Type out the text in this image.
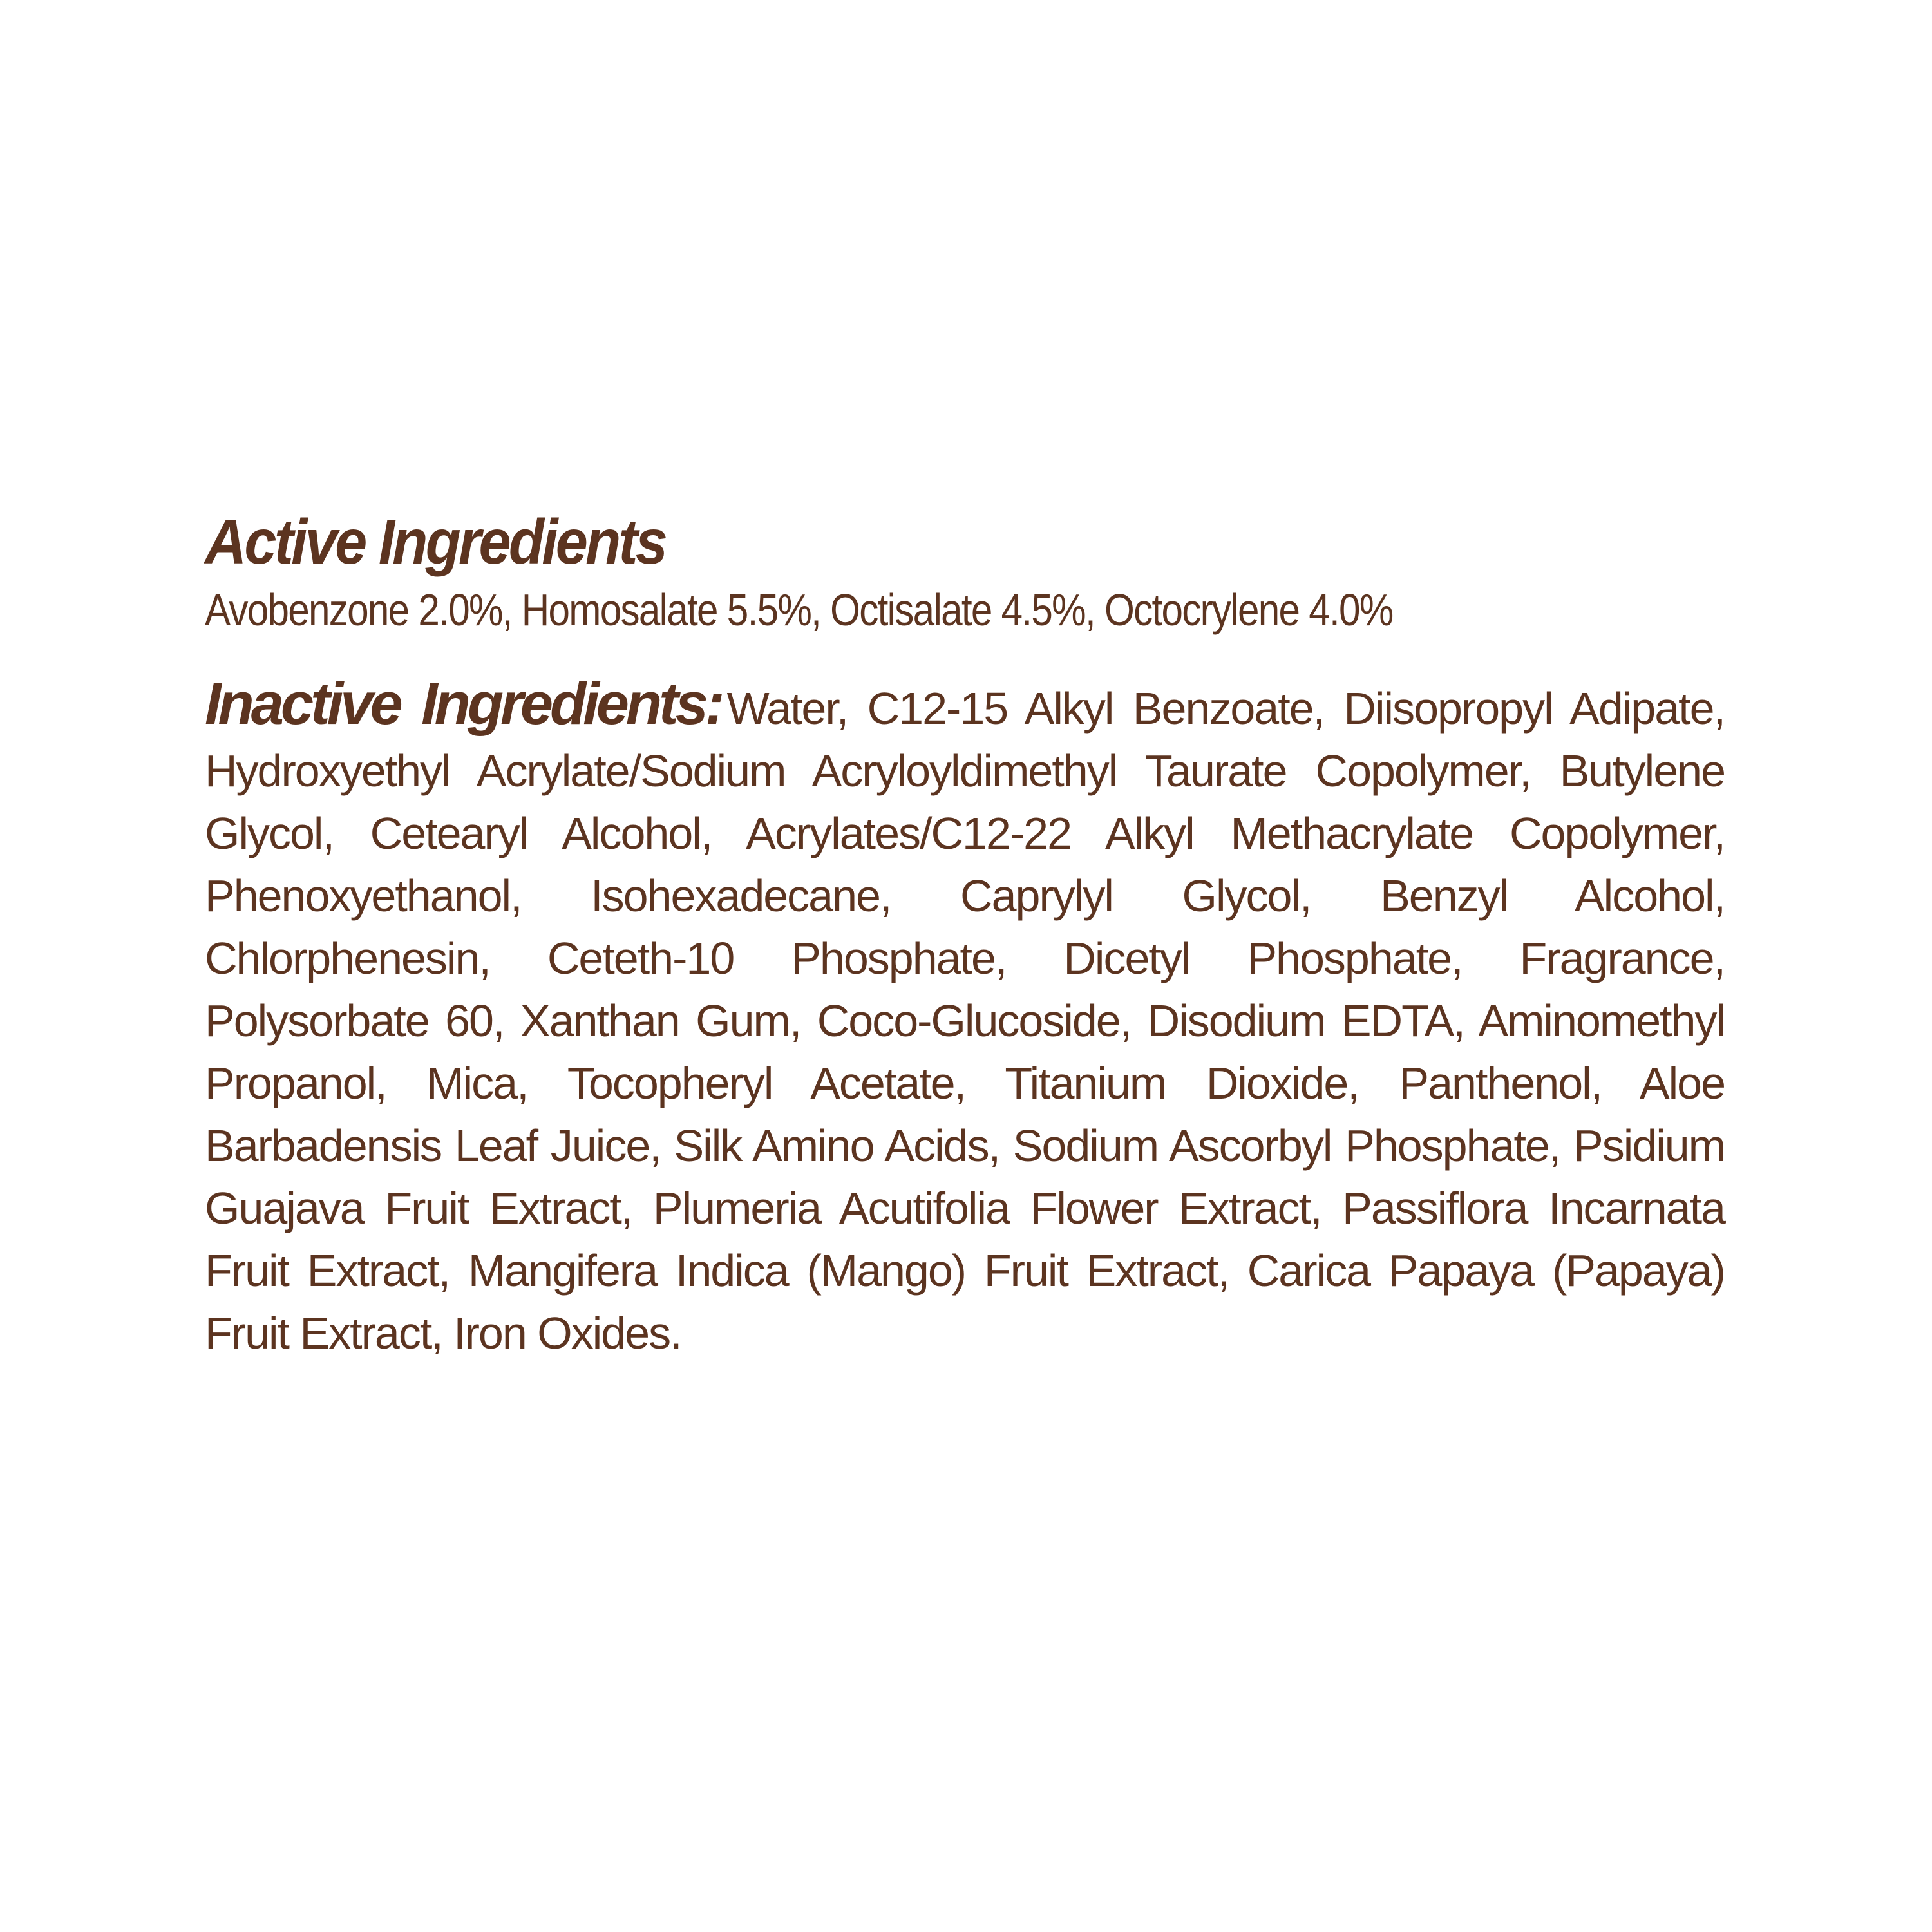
Active Ingredients
Avobenzone 2.0%, Homosalate 5.5%, Octisalate 4.5%, Octocrylene 4.0%

Inactive Ingredients: Water, C12-15 Alkyl Benzoate, Diisopropyl Adipate, Hydroxyethyl Acrylate/Sodium Acryloyldimethyl Taurate Copolymer, Butylene Glycol, Cetearyl Alcohol, Acrylates/C12-22 Alkyl Methacrylate Copolymer, Phenoxyethanol, Isohexadecane, Caprylyl Glycol, Benzyl Alcohol, Chlorphenesin, Ceteth-10 Phosphate, Dicetyl Phosphate, Fragrance, Polysorbate 60, Xanthan Gum, Coco-Glucoside, Disodium EDTA, Aminomethyl Propanol, Mica, Tocopheryl Acetate, Titanium Dioxide, Panthenol, Aloe Barbadensis Leaf Juice, Silk Amino Acids, Sodium Ascorbyl Phosphate, Psidium Guajava Fruit Extract, Plumeria Acutifolia Flower Extract, Passiflora Incarnata Fruit Extract, Mangifera Indica (Mango) Fruit Extract, Carica Papaya (Papaya) Fruit Extract, Iron Oxides.
